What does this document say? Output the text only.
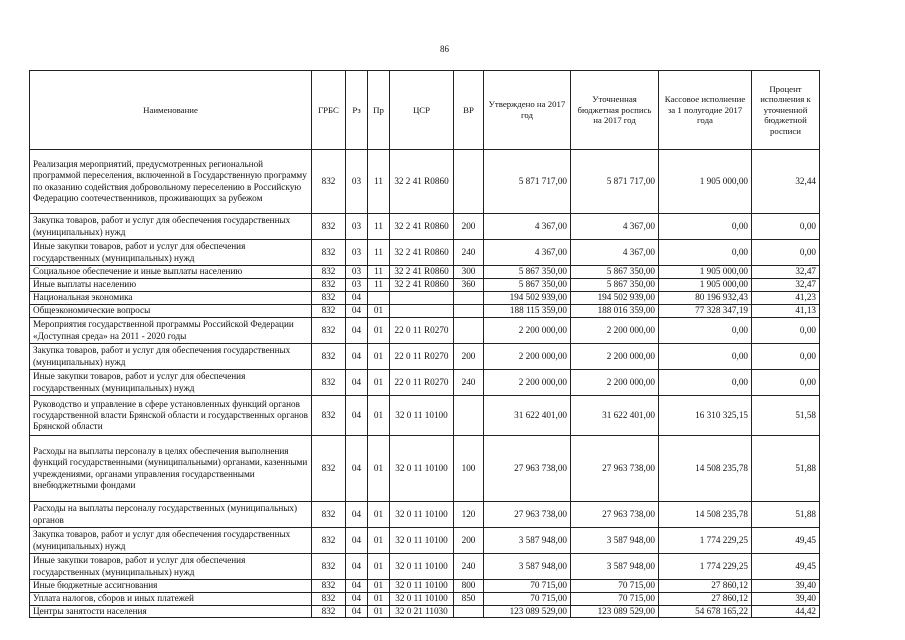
86
Наименование	ГРБС	Рз	Пр	ЦСР	ВР	Утверждено на 2017 год	Уточненная бюджетная роспись на 2017 год	Кассовое исполнение за 1 полугодие 2017 года	Процент исполнения к уточненной бюджетной росписи
Реализация мероприятий, предусмотренных региональной программой переселения, включенной в Государственную программу по оказанию содействия добровольному переселению в Российскую Федерацию соотечественников, проживающих за рубежом	832	03	11	32 2 41 R0860		5 871 717,00	5 871 717,00	1 905 000,00	32,44
Закупка товаров, работ и услуг для обеспечения государственных (муниципальных) нужд	832	03	11	32 2 41 R0860	200	4 367,00	4 367,00	0,00	0,00
Иные закупки товаров, работ и услуг для обеспечения государственных (муниципальных) нужд	832	03	11	32 2 41 R0860	240	4 367,00	4 367,00	0,00	0,00
Социальное обеспечение и иные выплаты населению	832	03	11	32 2 41 R0860	300	5 867 350,00	5 867 350,00	1 905 000,00	32,47
Иные выплаты населению	832	03	11	32 2 41 R0860	360	5 867 350,00	5 867 350,00	1 905 000,00	32,47
Национальная экономика	832	04				194 502 939,00	194 502 939,00	80 196 932,43	41,23
Общеэкономические вопросы	832	04	01			188 115 359,00	188 016 359,00	77 328 347,19	41,13
Мероприятия государственной программы Российской Федерации «Доступная среда» на 2011 - 2020 годы	832	04	01	22 0 11 R0270		2 200 000,00	2 200 000,00	0,00	0,00
Закупка товаров, работ и услуг для обеспечения государственных (муниципальных) нужд	832	04	01	22 0 11 R0270	200	2 200 000,00	2 200 000,00	0,00	0,00
Иные закупки товаров, работ и услуг для обеспечения государственных (муниципальных) нужд	832	04	01	22 0 11 R0270	240	2 200 000,00	2 200 000,00	0,00	0,00
Руководство и управление в сфере установленных функций органов государственной власти Брянской области и государственных органов Брянской области	832	04	01	32 0 11 10100		31 622 401,00	31 622 401,00	16 310 325,15	51,58
Расходы на выплаты персоналу в целях обеспечения выполнения функций государственными (муниципальными) органами, казенными учреждениями, органами управления государственными внебюджетными фондами	832	04	01	32 0 11 10100	100	27 963 738,00	27 963 738,00	14 508 235,78	51,88
Расходы на выплаты персоналу государственных (муниципальных) органов	832	04	01	32 0 11 10100	120	27 963 738,00	27 963 738,00	14 508 235,78	51,88
Закупка товаров, работ и услуг для обеспечения государственных (муниципальных) нужд	832	04	01	32 0 11 10100	200	3 587 948,00	3 587 948,00	1 774 229,25	49,45
Иные закупки товаров, работ и услуг для обеспечения государственных (муниципальных) нужд	832	04	01	32 0 11 10100	240	3 587 948,00	3 587 948,00	1 774 229,25	49,45
Иные бюджетные ассигнования	832	04	01	32 0 11 10100	800	70 715,00	70 715,00	27 860,12	39,40
Уплата налогов, сборов и иных платежей	832	04	01	32 0 11 10100	850	70 715,00	70 715,00	27 860,12	39,40
Центры занятости населения	832	04	01	32 0 21 11030		123 089 529,00	123 089 529,00	54 678 165,22	44,42
